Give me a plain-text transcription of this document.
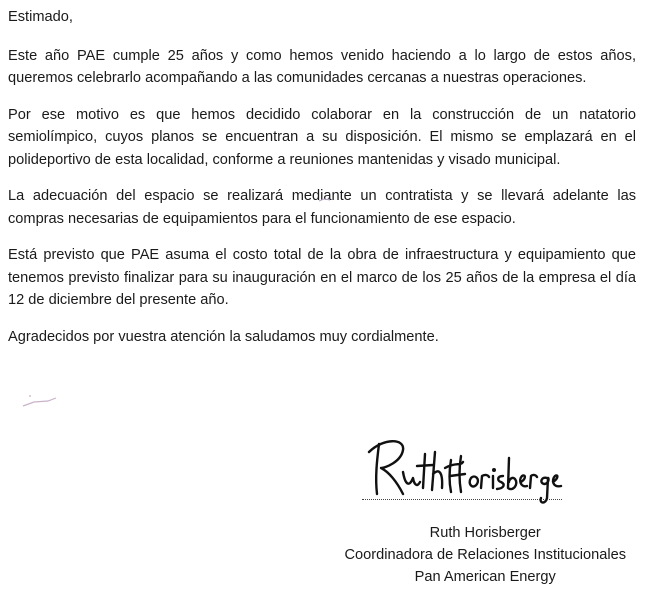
Estimado,

Este año PAE cumple 25 años y como hemos venido haciendo a lo largo de estos años, queremos celebrarlo acompañando a las comunidades cercanas a nuestras operaciones.

Por ese motivo es que hemos decidido colaborar en la construcción de un natatorio semiolímpico, cuyos planos se encuentran a su disposición. El mismo se emplazará en el polideportivo de esta localidad, conforme a reuniones mantenidas y visado municipal.

La adecuación del espacio se realizará mediante un contratista y se llevará adelante las compras necesarias de equipamientos para el funcionamiento de ese espacio.

Está previsto que PAE asuma el costo total de la obra de infraestructura y equipamiento que tenemos previsto finalizar para su inauguración en el marco de los 25 años de la empresa el día 12 de diciembre del presente año.

Agradecidos por vuestra atención la saludamos muy cordialmente.

Ruth Horisberger
Coordinadora de Relaciones Institucionales
Pan American Energy
